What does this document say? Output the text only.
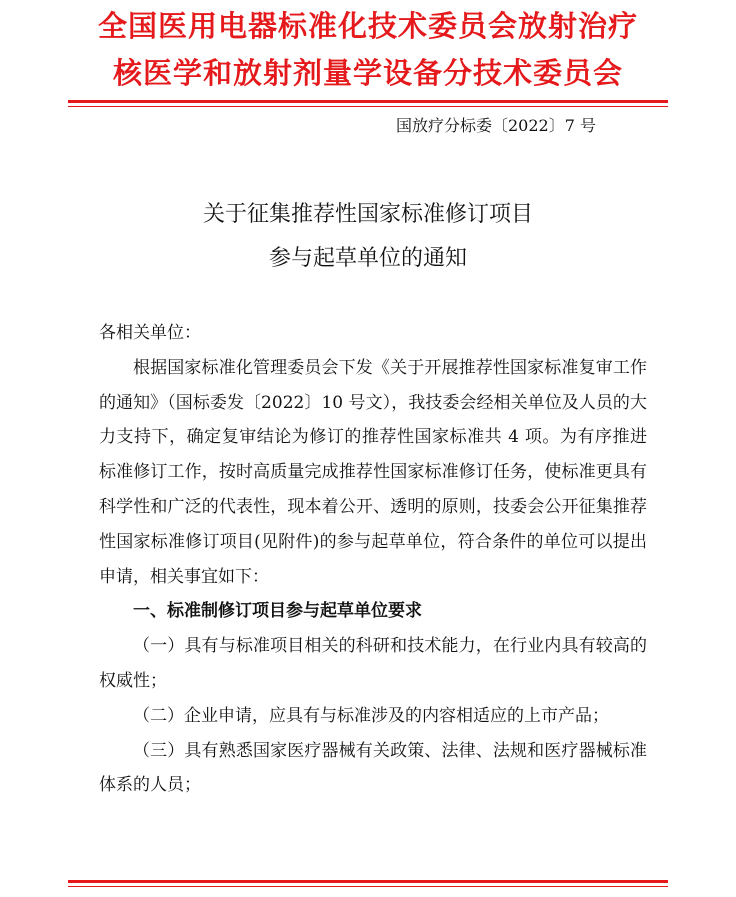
全国医用电器标准化技术委员会放射治疗
核医学和放射剂量学设备分技术委员会
国放疗分标委〔2022〕7 号
关于征集推荐性国家标准修订项目
参与起草单位的通知

各相关单位：

根据国家标准化管理委员会下发《关于开展推荐性国家标准复审工作的通知》（国标委发〔2022〕10 号文），我技委会经相关单位及人员的大力支持下，确定复审结论为修订的推荐性国家标准共 4 项。为有序推进标准修订工作，按时高质量完成推荐性国家标准修订任务，使标准更具有科学性和广泛的代表性，现本着公开、透明的原则，技委会公开征集推荐性国家标准修订项目(见附件)的参与起草单位，符合条件的单位可以提出申请，相关事宜如下：

一、标准制修订项目参与起草单位要求

（一）具有与标准项目相关的科研和技术能力，在行业内具有较高的权威性；

（二）企业申请，应具有与标准涉及的内容相适应的上市产品；

（三）具有熟悉国家医疗器械有关政策、法律、法规和医疗器械标准体系的人员；
